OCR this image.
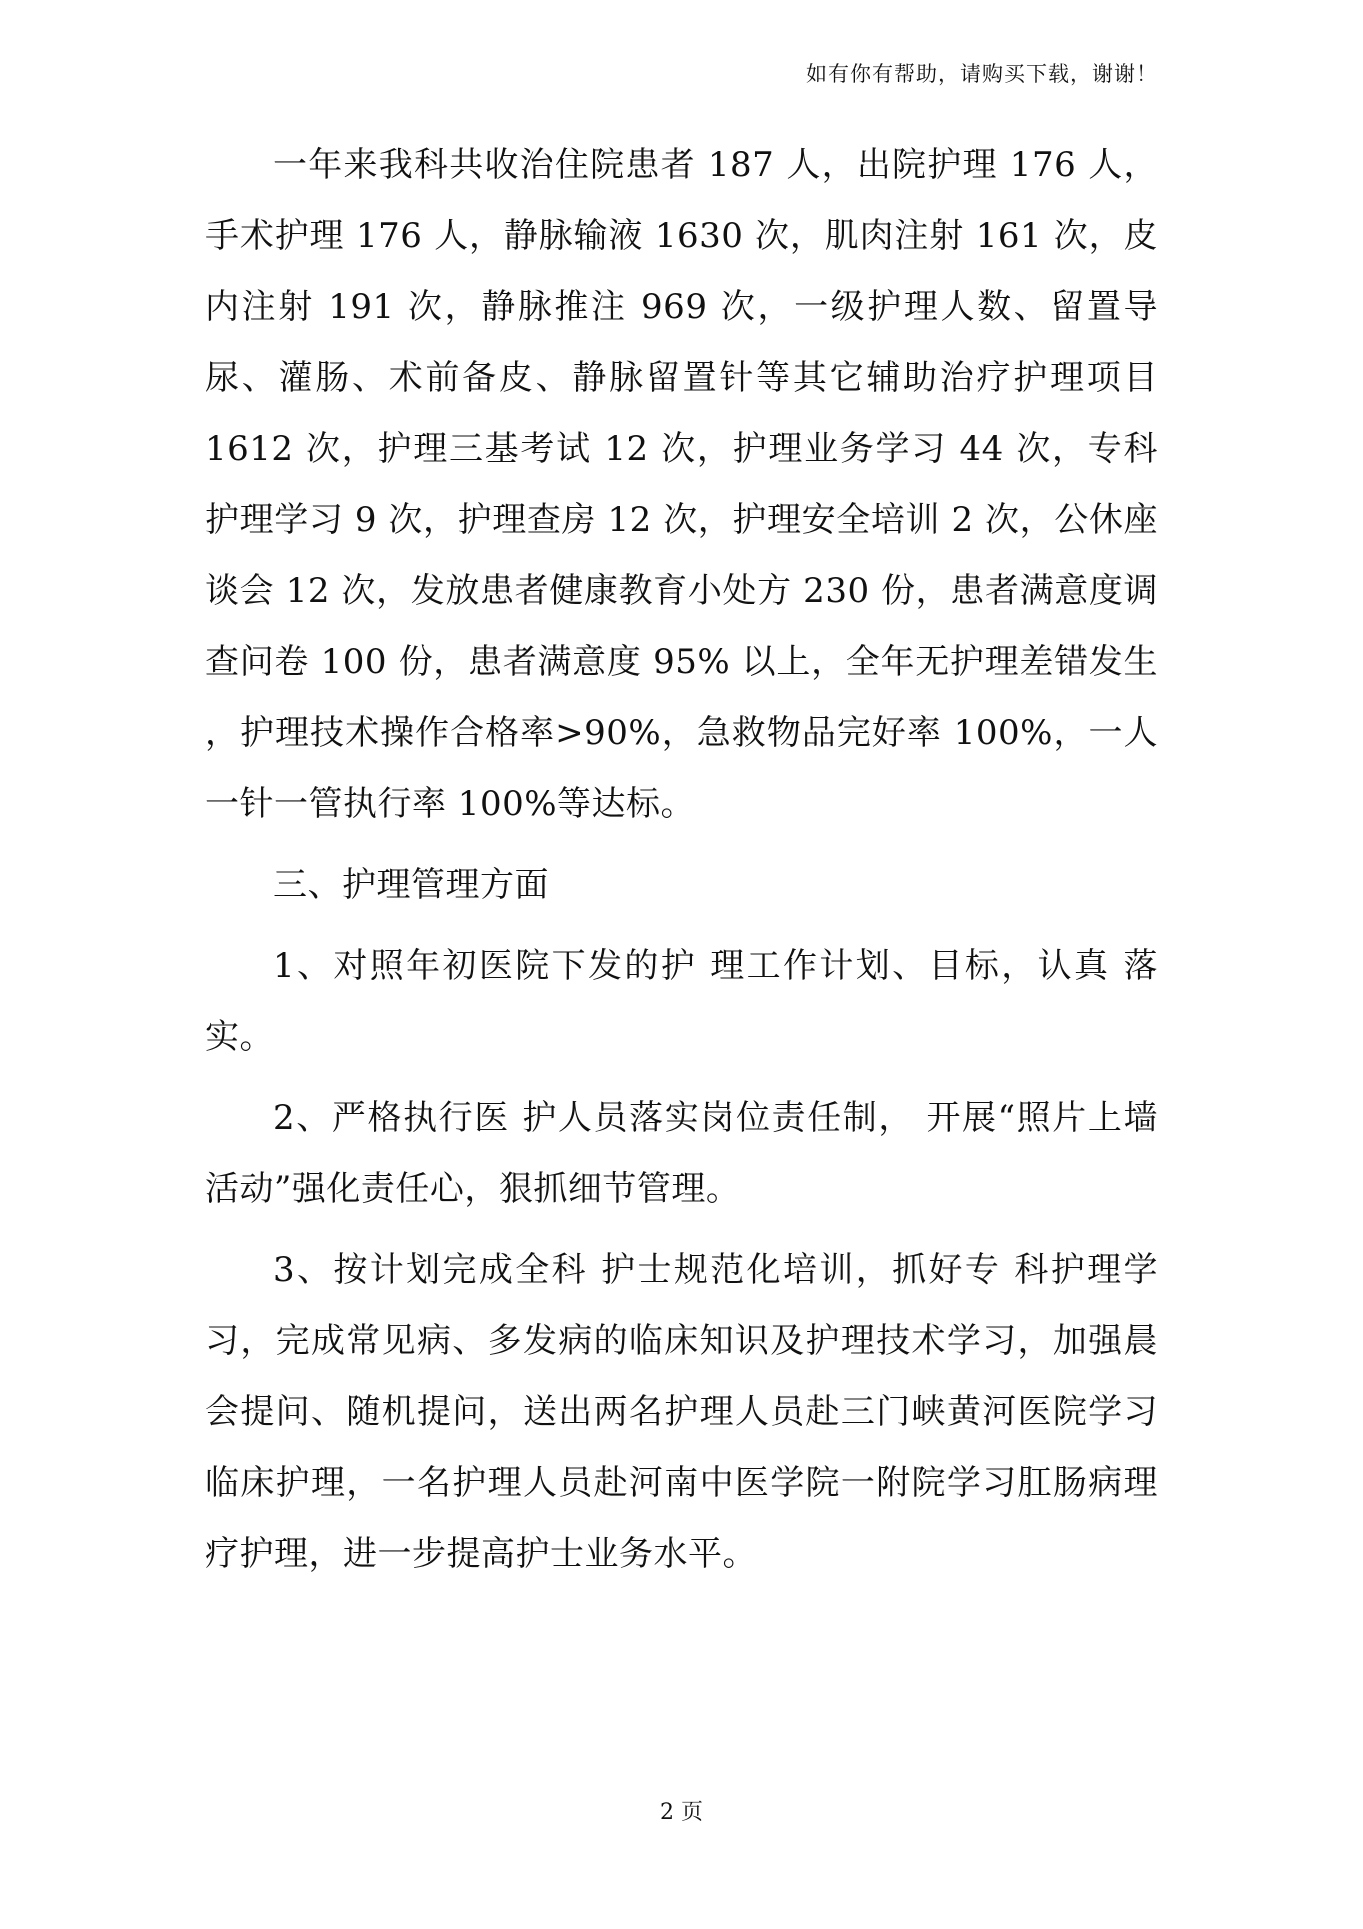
如有你有帮助，请购买下载，谢谢！

一年来我科共收治住院患者 187 人，出院护理 176 人，手术护理 176 人，静脉输液 1630 次，肌肉注射 161 次，皮内注射 191 次，静脉推注 969 次，一级护理人数、留置导尿、灌肠、术前备皮、静脉留置针等其它辅助治疗护理项目 1612 次，护理三基考试 12 次，护理业务学习 44 次，专科护理学习 9 次，护理查房 12 次，护理安全培训 2 次，公休座谈会 12 次，发放患者健康教育小处方 230 份，患者满意度调查问卷 100 份，患者满意度 95% 以上，全年无护理差错发生 ，护理技术操作合格率>90%，急救物品完好率 100%，一人一针一管执行率 100%等达标。

三、护理管理方面

1、对照年初医院下发的护 理工作计划、目标，认真 落实。

2、严格执行医 护人员落实岗位责任制， 开展“照片上墙活动”强化责任心，狠抓细节管理。

3、按计划完成全科 护士规范化培训，抓好专 科护理学习，完成常见病、多发病的临床知识及护理技术学习，加强晨会提问、随机提问，送出两名护理人员赴三门峡黄河医院学习临床护理，一名护理人员赴河南中医学院一附院学习肛肠病理疗护理，进一步提高护士业务水平。

2 页
